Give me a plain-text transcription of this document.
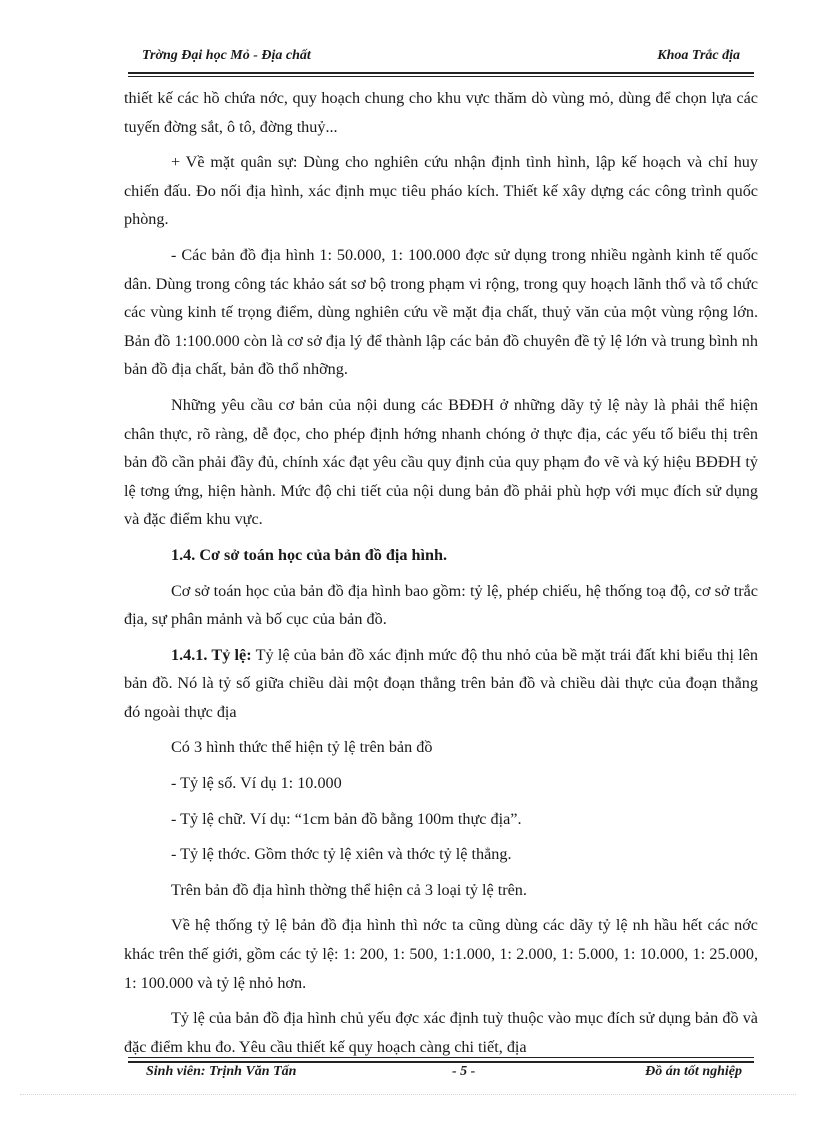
Trờng Đại học Mỏ - Địa chất	Khoa Trắc địa

thiết kế các hồ chứa nớc, quy hoạch chung cho khu vực thăm dò vùng mỏ, dùng để chọn lựa các tuyến đờng sắt, ô tô, đờng thuỷ...

+ Về mặt quân sự: Dùng cho nghiên cứu nhận định tình hình, lập kế hoạch và chỉ huy chiến đấu. Đo nối địa hình, xác định mục tiêu pháo kích. Thiết kế xây dựng các công trình quốc phòng.

- Các bản đồ địa hình 1: 50.000, 1: 100.000 đợc sử dụng trong nhiều ngành kinh tế quốc dân. Dùng trong công tác khảo sát sơ bộ trong phạm vi rộng, trong quy hoạch lãnh thổ và tổ chức các vùng kinh tế trọng điểm, dùng nghiên cứu về mặt địa chất, thuỷ văn của một vùng rộng lớn. Bản đồ 1:100.000 còn là cơ sở địa lý để thành lập các bản đồ chuyên đề tỷ lệ lớn và trung bình nh bản đồ địa chất, bản đồ thổ nhỡng.

Những yêu cầu cơ bản của nội dung các BĐĐH ở những dãy tỷ lệ này là phải thể hiện chân thực, rõ ràng, dễ đọc, cho phép định hớng nhanh chóng ở thực địa, các yếu tố biểu thị trên bản đồ cần phải đầy đủ, chính xác đạt yêu cầu quy định của quy phạm đo vẽ và ký hiệu BĐĐH tỷ lệ tơng ứng, hiện hành. Mức độ chi tiết của nội dung bản đồ phải phù hợp với mục đích sử dụng và đặc điểm khu vực.

1.4. Cơ sở toán học của bản đồ địa hình.

Cơ sở toán học của bản đồ địa hình bao gồm: tỷ lệ, phép chiếu, hệ thống toạ độ, cơ sở trắc địa, sự phân mảnh và bố cục của bản đồ.

1.4.1. Tỷ lệ: Tỷ lệ của bản đồ xác định mức độ thu nhỏ của bề mặt trái đất khi biểu thị lên bản đồ. Nó là tỷ số giữa chiều dài một đoạn thẳng trên bản đồ và chiều dài thực của đoạn thẳng đó ngoài thực địa

Có 3 hình thức thể hiện tỷ lệ trên bản đồ

- Tỷ lệ số. Ví dụ 1: 10.000

- Tỷ lệ chữ. Ví dụ: “1cm bản đồ bằng 100m thực địa”.

- Tỷ lệ thớc. Gồm thớc tỷ lệ xiên và thớc tỷ lệ thẳng.

Trên bản đồ địa hình thờng thể hiện cả 3 loại tỷ lệ trên.

Về hệ thống tỷ lệ bản đồ địa hình thì nớc ta cũng dùng các dãy tỷ lệ nh hầu hết các nớc khác trên thế giới, gồm các tỷ lệ: 1: 200, 1: 500, 1:1.000, 1: 2.000, 1: 5.000, 1: 10.000, 1: 25.000, 1: 100.000 và tỷ lệ nhỏ hơn.

Tỷ lệ của bản đồ địa hình chủ yếu đợc xác định tuỳ thuộc vào mục đích sử dụng bản đồ và đặc điểm khu đo. Yêu cầu thiết kế quy hoạch càng chi tiết, địa

Sinh viên: Trịnh Văn Tấn	- 5 -	Đồ án tốt nghiệp
